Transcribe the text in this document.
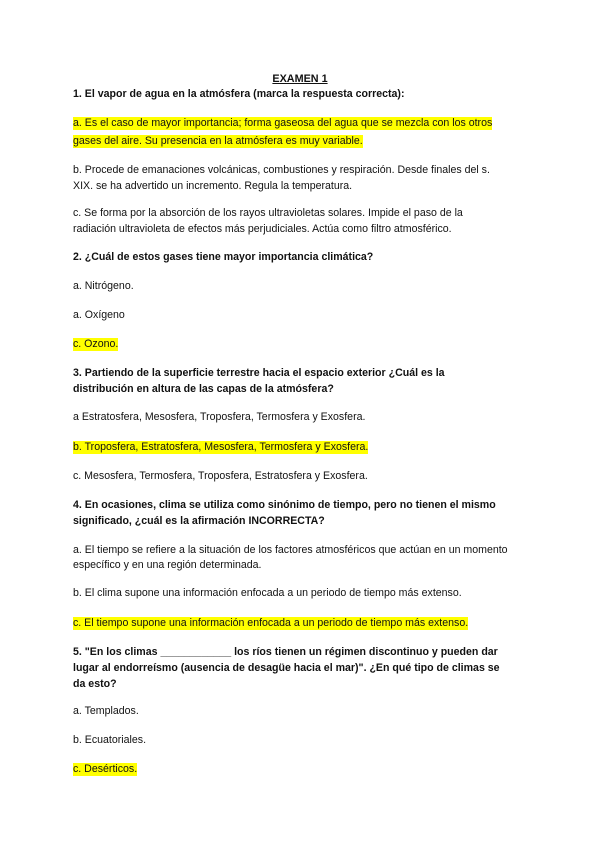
EXAMEN 1

1. El vapor de agua en la atmósfera (marca la respuesta correcta):

a. Es el caso de mayor importancia; forma gaseosa del agua que se mezcla con los otros

gases del aire. Su presencia en la atmósfera es muy variable.

b. Procede de emanaciones volcánicas, combustiones y respiración. Desde finales del s.

XIX. se ha advertido un incremento. Regula la temperatura.

c. Se forma por la absorción de los rayos ultravioletas solares. Impide el paso de la

radiación ultravioleta de efectos más perjudiciales. Actúa como filtro atmosférico.

2. ¿Cuál de estos gases tiene mayor importancia climática?

a. Nitrógeno.

a. Oxígeno

c. Ozono.

3. Partiendo de la superficie terrestre hacia el espacio exterior ¿Cuál es la

distribución en altura de las capas de la atmósfera?

a Estratosfera, Mesosfera, Troposfera, Termosfera y Exosfera.

b. Troposfera, Estratosfera, Mesosfera, Termosfera y Exosfera.

c. Mesosfera, Termosfera, Troposfera, Estratosfera y Exosfera.

4. En ocasiones, clima se utiliza como sinónimo de tiempo, pero no tienen el mismo

significado, ¿cuál es la afirmación INCORRECTA?

a. El tiempo se refiere a la situación de los factores atmosféricos que actúan en un momento

específico y en una región determinada.

b. El clima supone una información enfocada a un periodo de tiempo más extenso.

c. El tiempo supone una información enfocada a un periodo de tiempo más extenso.

5. "En los climas ____________ los ríos tienen un régimen discontinuo y pueden dar

lugar al endorreísmo (ausencia de desagüe hacia el mar)". ¿En qué tipo de climas se

da esto?

a. Templados.

b. Ecuatoriales.

c. Desérticos.
